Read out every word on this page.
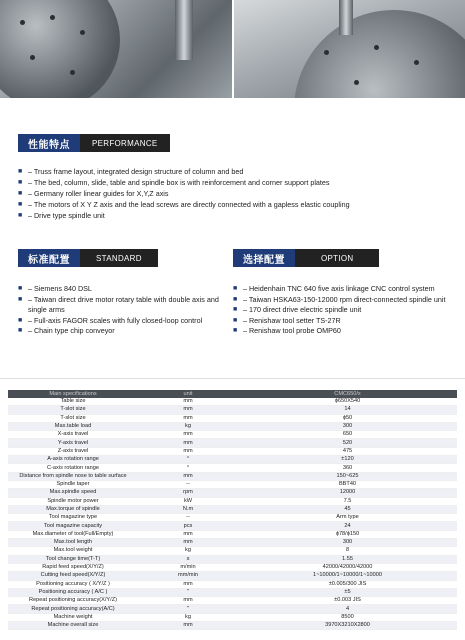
性能特点	PERFORMANCE
■ – Truss frame layout, integrated design structure of column and bed
■ – The bed, column, slide, table and spindle box is with reinforcement and corner support plates
■ – Germany roller linear guides for X,Y,Z axis
■ – The motors of X Y Z axis and the lead screws are directly connected with a gapless elastic coupling
■ – Drive type spindle unit
标准配置	STANDARD
■ – Siemens 840 DSL
■ – Taiwan direct drive motor rotary table with double axis and single arms
■ – Full-axis FAGOR scales with fully closed-loop control
■ – Chain type chip conveyor
选择配置	OPTION
■ – Heidenhain TNC 640 five axis linkage CNC control system
■ – Taiwan HSKA63-150-12000 rpm direct-connected spindle unit
■ – 170 direct drive electric spindle unit
■ – Renishaw tool setter TS-27R
■ – Renishaw tool probe OMP60
Main specifications	unit	CMC650/x
Table size	mm	ϕ650X540
T-slot size	mm	14
T-slot size	mm	ϕ50
Max.table load	kg	300
X-axis travel	mm	650
Y-axis travel	mm	520
Z-axis travel	mm	475
A-axis rotation range	°	±120
C-axis rotation range	°	360
Distance from spindle nose to table surface	mm	150~625
Spindle taper	--	BBT40
Max.spindle speed	rpm	12000
Spindle motor power	kW	7.5
Max.torque of spindle	N.m	45
Tool magazine type	--	Arm type
Tool magazine capacity	pcs	24
Max.diameter of tool(Full/Empty)	mm	ϕ78/ϕ150
Max.tool length	mm	300
Max.tool weight	kg	8
Tool change time(T-T)	s	1.55
Rapid feed speed(X/Y/Z)	m/min	42000/42000/42000
Cutting feed speed(X/Y/Z)	mm/min	1~10000/1~10000/1~10000
Positioning accuracy ( X/Y/Z )	mm	±0.005/300 JIS
Positioning accuracy ( A/C )	"	±5
Repeat positioning accuracy(X/Y/Z)	mm	±0.003 JIS
Repeat positioning accuracy(A/C)	"	4
Machine weight	kg	8500
Machine overall size	mm	3970X3210X2800
